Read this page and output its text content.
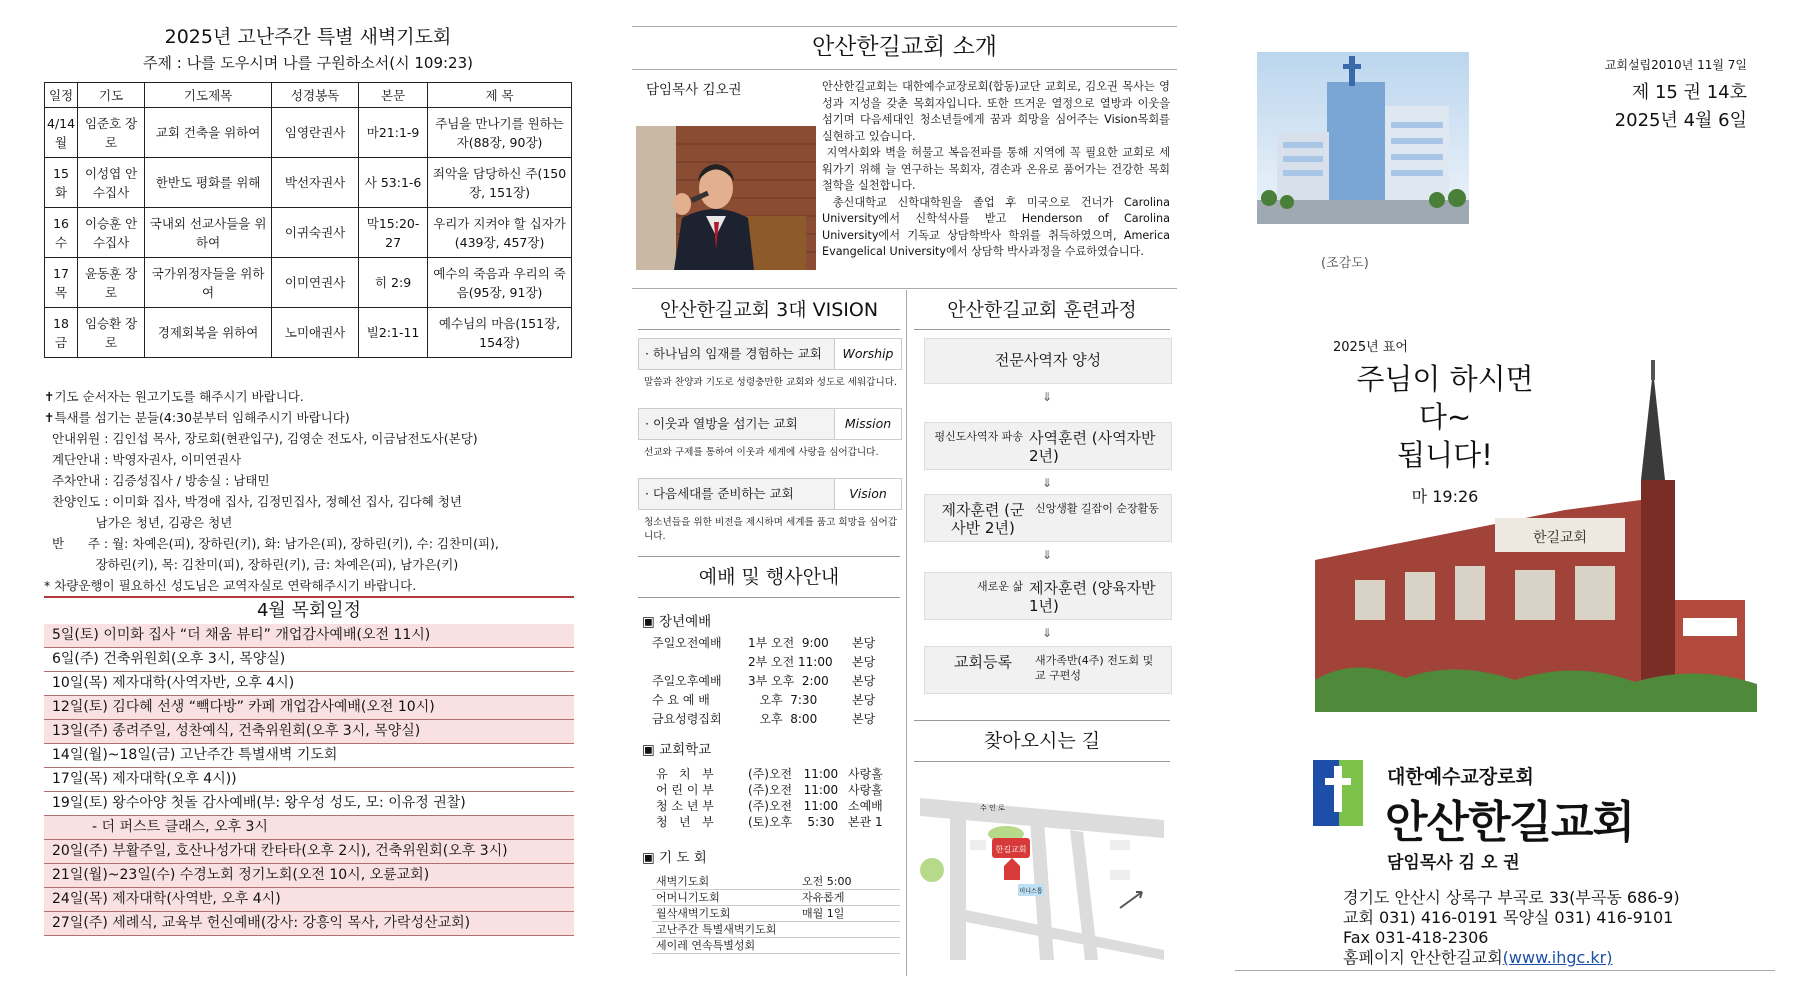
2025년 고난주간 특별 새벽기도회
주제 : 나를 도우시며 나를 구원하소서(시 109:23)
일정	기도	기도제목	성경봉독	본문	제 목
4/14 월	임준호 장로	교회 건축을 위하여	임영란권사	마21:1-9	주님을 만나기를 원하는 자(88장, 90장)
15 화	이성엽 안수집사	한반도 평화를 위해	박선자권사	사 53:1-6	죄악을 담당하신 주(150장, 151장)
16 수	이승훈 안수집사	국내외 선교사들을 위하여	이귀숙권사	막15:20-27	우리가 지켜야 할 십자가(439장, 457장)
17 목	윤동훈 장로	국가위정자들을 위하여	이미연권사	히 2:9	예수의 죽음과 우리의 죽음(95장, 91장)
18 금	임승환 장로	경제회복을 위하여	노미애권사	빌2:1-11	예수님의 마음(151장, 154장)
✝기도 순서자는 원고기도를 해주시기 바랍니다.
✝특새를 섬기는 분들(4:30분부터 임해주시기 바랍니다)
안내위원 : 김인섭 목사, 장로회(현관입구), 김영순 전도사, 이금남전도사(본당)
계단안내 : 박영자권사, 이미연권사
주차안내 : 김증성집사 / 방송실 : 남태민
찬양인도 : 이미화 집사, 박경애 집사, 김정민집사, 정혜선 집사, 김다혜 청년
남가은 청년, 김광은 청년
반      주 : 월: 차예은(피), 장하린(키), 화: 남가은(피), 장하린(키), 수: 김찬미(피),
장하린(키), 목: 김찬미(피), 장하린(키), 금: 차예은(피), 남가은(키)
* 차량운행이 필요하신 성도님은 교역자실로 연락해주시기 바랍니다.
4월 목회일정
5일(토) 이미화 집사 “더 채움 뷰티” 개업감사예배(오전 11시)
6일(주) 건축위원회(오후 3시, 목양실)
10일(목) 제자대학(사역자반, 오후 4시)
12일(토) 김다혜 선생 “빽다방” 카페 개업감사예배(오전 10시)
13일(주) 종려주일, 성찬예식, 건축위원회(오후 3시, 목양실)
14일(월)~18일(금) 고난주간 특별새벽 기도회
17일(목) 제자대학(오후 4시))
19일(토) 왕수아양 첫돌 감사예배(부: 왕우성 성도, 모: 이유정 권찰)
- 더 퍼스트 클래스, 오후 3시
20일(주) 부활주일, 호산나성가대 칸타타(오후 2시), 건축위원회(오후 3시)
21일(월)~23일(수) 수경노회 정기노회(오전 10시, 오륜교회)
24일(목) 제자대학(사역반, 오후 4시)
27일(주) 세례식, 교육부 헌신예배(강사: 강흥익 목사, 가락성산교회)
안산한길교회 소개
담임목사 김오권	안산한길교회는 대한예수교장로회(합동)교단 교회로, 김오권 목사는 영성과 지성을 갖춘 목회자입니다. 또한 뜨거운 열정으로 열방과 이웃을 섬기며 다음세대인 청소년들에게 꿈과 희망을 심어주는 Vision목회를 실현하고 있습니다.

지역사회와 벽을 허물고 복음전파를 통해 지역에 꼭 필요한 교회로 세워가기 위해 늘 연구하는 목회자, 겸손과 온유로 품어가는 건강한 목회철학을 실천합니다.

총신대학교 신학대학원을 졸업 후 미국으로 건너가 Carolina University에서 신학석사를 받고 Henderson of Carolina University에서 기독교 상담학박사 학위를 취득하였으며, America Evangelical University에서 상담학 박사과정을 수료하였습니다.

안산한길교회 3대 VISION
· 하나님의 임재를 경험하는 교회	Worship
말씀과 찬양과 기도로 성령충만한 교회와 성도로 세워갑니다.
· 이웃과 열방을 섬기는 교회	Mission
선교와 구제를 통하여 이웃과 세계에 사랑을 심어갑니다.
· 다음세대를 준비하는 교회	Vision
청소년들을 위한 비전을 제시하며 세계를 품고 희망을 심어갑니다.
안산한길교회 훈련과정
전문사역자 양성
⇓
평신도사역자 파송 사역훈련 (사역자반 2년)
⇓
제자훈련 (군사반 2년)
신앙생활 길잡이 순장활동
⇓
새로운 삶 제자훈련 (양육자반 1년)
⇓
교회등록	새가족반(4주) 전도회 및 교 구편성
예배 및 행사안내
▣ 장년예배
주일오전예배 1부 오전  9:00 본당
2부 오전 11:00 본당
주일오후예배 3부 오후  2:00 본당
수 요 예 배	오후  7:30	본당
금요성령집회 오후  8:00	본당
▣ 교회학교
유   치   부	(주)오전   11:00 사랑홀
어 린 이 부	(주)오전   11:00 사랑홀
청 소 년 부	(주)오전   11:00 소예배
청   년   부	(토)오후    5:30 본관 1
▣ 기 도 회
새벽기도회	오전 5:00
어머니기도회	자유롭게
월삭새벽기도회	매월 1일
고난주간 특별새벽기도회
세이레 연속특별성회
찾아오시는 길
한길교회
미니스톱
수 인 로
(조감도)
교회설립2010년 11월 7일
제 15 권 14호
2025년 4월 6일
한길교회
2025년 표어
주님이 하시면
다~
됩니다!
마 19:26
대한예수교장로회
안산한길교회
담임목사 김 오 권
경기도 안산시 상록구 부곡로 33(부곡동 686-9)
교회 031) 416-0191 목양실 031) 416-9101
Fax 031-418-2306
홈페이지 안산한길교회(www.ihgc.kr)
